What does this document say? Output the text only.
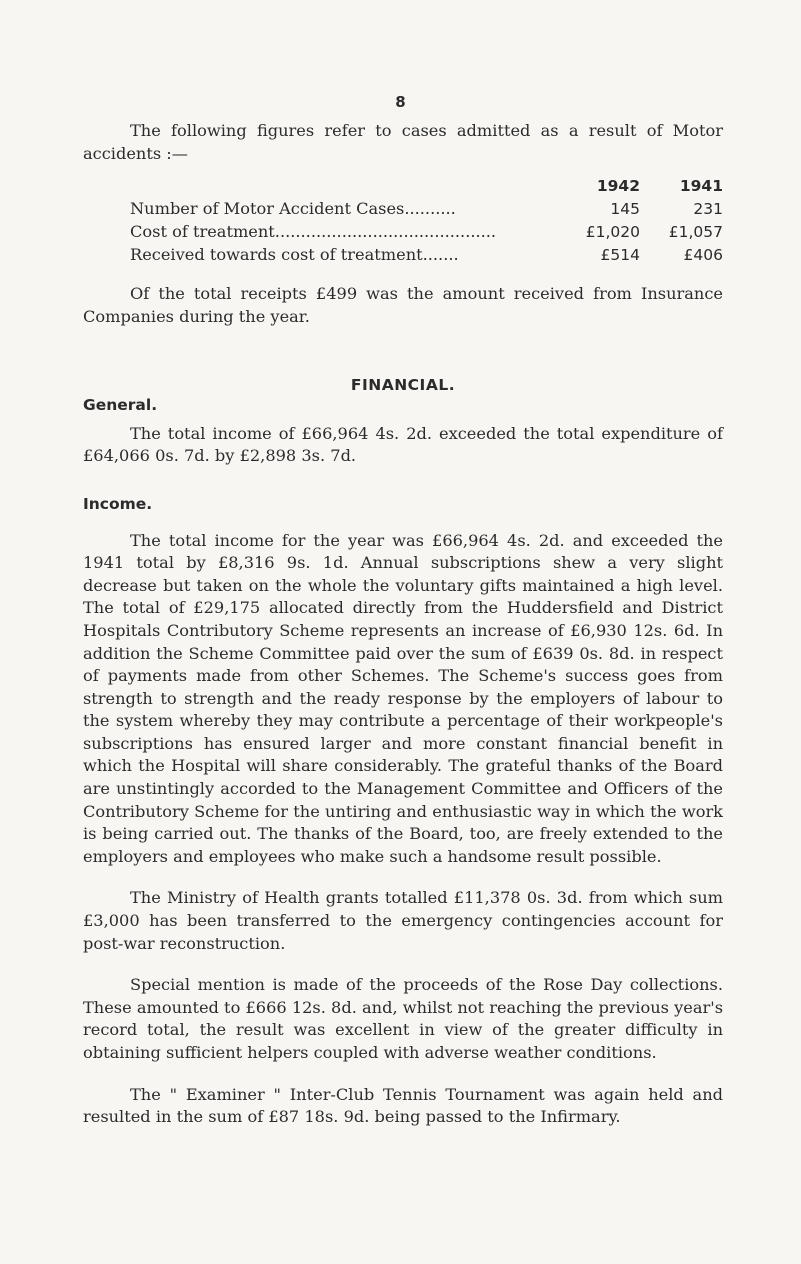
8

The following figures refer to cases admitted as a result of Motor accidents :—

1942	1941
Number of Motor Accident Cases..........	145	231
Cost of treatment...........................................	£1,020	£1,057
Received towards cost of treatment.......	£514	£406

Of the total receipts £499 was the amount received from Insurance Companies during the year.

FINANCIAL.
General.

The total income of £66,964 4s. 2d. exceeded the total expenditure of £64,066 0s. 7d. by £2,898 3s. 7d.

Income.

The total income for the year was £66,964 4s. 2d. and exceeded the 1941 total by £8,316 9s. 1d. Annual subscriptions shew a very slight decrease but taken on the whole the voluntary gifts maintained a high level. The total of £29,175 allocated directly from the Huddersfield and District Hospitals Contributory Scheme represents an increase of £6,930 12s. 6d. In addition the Scheme Committee paid over the sum of £639 0s. 8d. in respect of payments made from other Schemes. The Scheme's success goes from strength to strength and the ready response by the employers of labour to the system whereby they may contribute a percentage of their workpeople's subscriptions has ensured larger and more constant financial benefit in which the Hospital will share considerably. The grateful thanks of the Board are unstintingly accorded to the Management Committee and Officers of the Contributory Scheme for the untiring and enthusiastic way in which the work is being carried out. The thanks of the Board, too, are freely extended to the employers and employees who make such a handsome result possible.

The Ministry of Health grants totalled £11,378 0s. 3d. from which sum £3,000 has been transferred to the emergency contingencies account for post-war reconstruction.

Special mention is made of the proceeds of the Rose Day collections. These amounted to £666 12s. 8d. and, whilst not reaching the previous year's record total, the result was excellent in view of the greater difficulty in obtaining sufficient helpers coupled with adverse weather conditions.

The " Examiner " Inter-Club Tennis Tournament was again held and resulted in the sum of £87 18s. 9d. being passed to the Infirmary.
